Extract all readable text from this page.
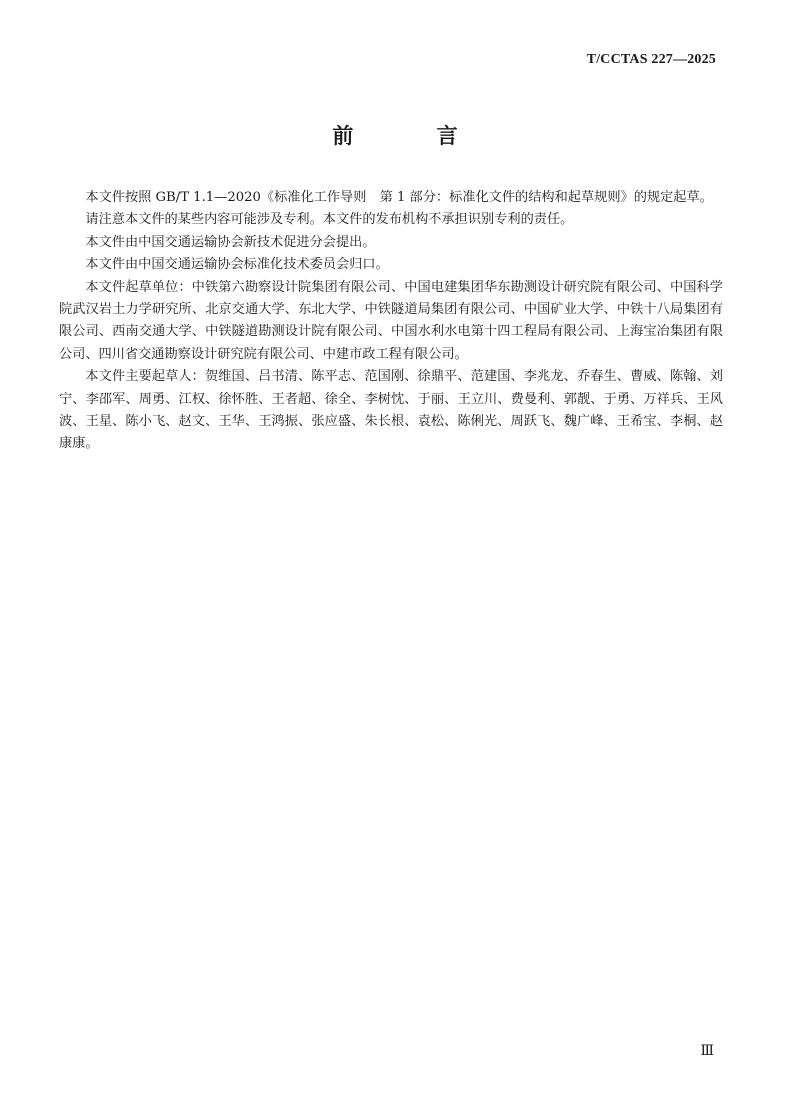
T/CCTAS 227—2025
前 言

本文件按照 GB/T 1.1—2020《标准化工作导则　第 1 部分：标准化文件的结构和起草规则》的规定起草。

请注意本文件的某些内容可能涉及专利。本文件的发布机构不承担识别专利的责任。

本文件由中国交通运输协会新技术促进分会提出。

本文件由中国交通运输协会标准化技术委员会归口。

本文件起草单位：中铁第六勘察设计院集团有限公司、中国电建集团华东勘测设计研究院有限公司、中国科学院武汉岩土力学研究所、北京交通大学、东北大学、中铁隧道局集团有限公司、中国矿业大学、中铁十八局集团有限公司、西南交通大学、中铁隧道勘测设计院有限公司、中国水利水电第十四工程局有限公司、上海宝冶集团有限公司、四川省交通勘察设计研究院有限公司、中建市政工程有限公司。

本文件主要起草人：贺维国、吕书清、陈平志、范国刚、徐鼎平、范建国、李兆龙、乔春生、曹威、陈翰、刘宁、李邵军、周勇、江权、徐怀胜、王者超、徐全、李树忱、于丽、王立川、费曼利、郭靓、于勇、万祥兵、王风波、王星、陈小飞、赵文、王华、王鸿振、张应盛、朱长根、袁松、陈俐光、周跃飞、魏广峰、王希宝、李桐、赵康康。

Ⅲ
